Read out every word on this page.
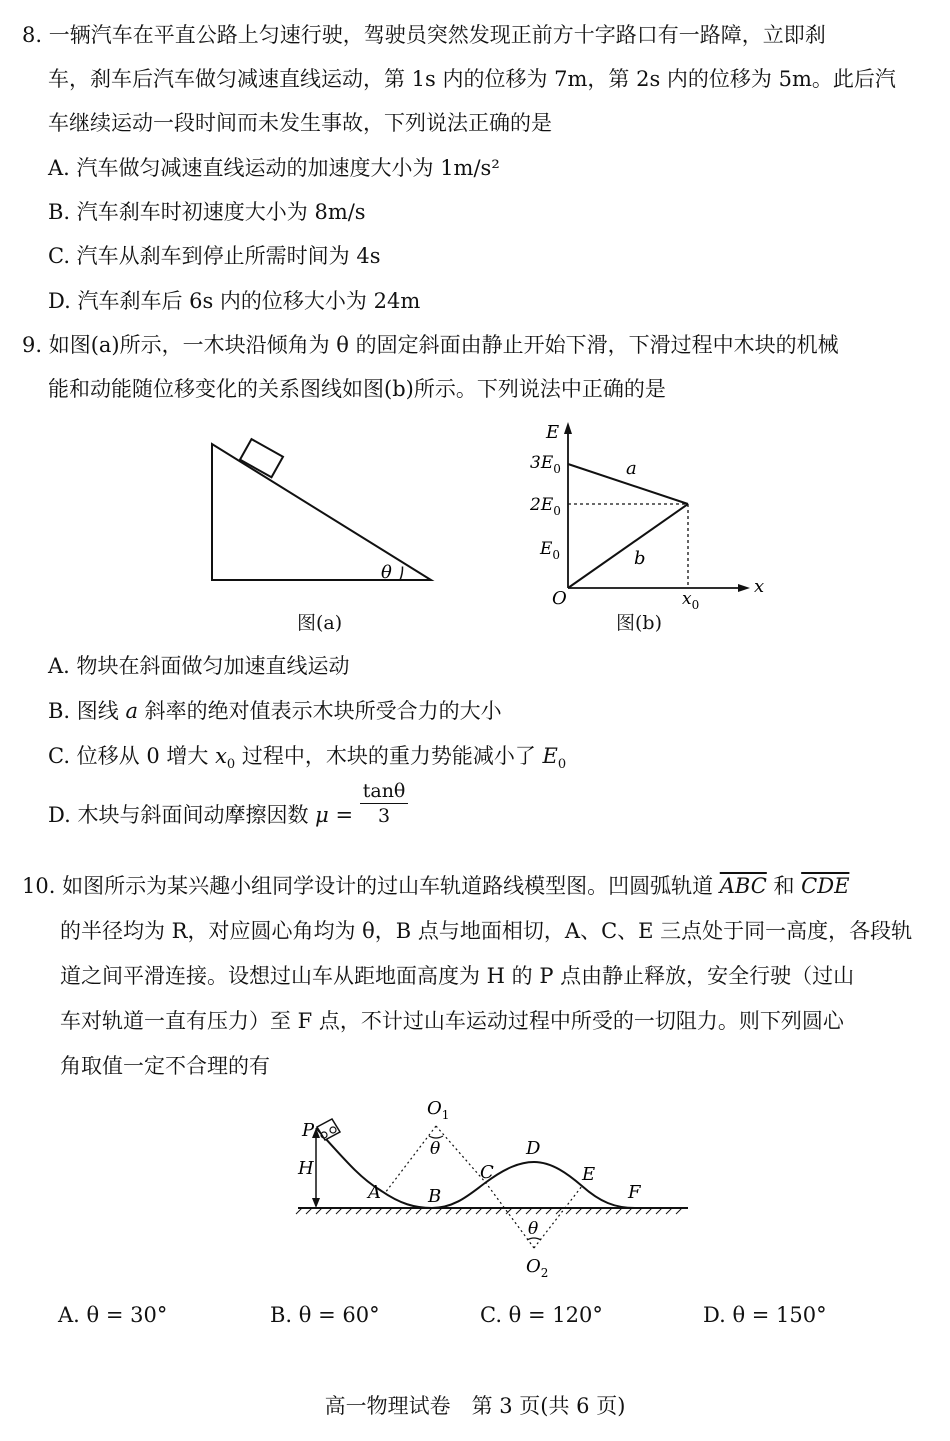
8. 一辆汽车在平直公路上匀速行驶，驾驶员突然发现正前方十字路口有一路障，立即刹
车，刹车后汽车做匀减速直线运动，第 1s 内的位移为 7m，第 2s 内的位移为 5m。此后汽
车继续运动一段时间而未发生事故，下列说法正确的是
A. 汽车做匀减速直线运动的加速度大小为 1m/s²
B. 汽车刹车时初速度大小为 8m/s
C. 汽车从刹车到停止所需时间为 4s
D. 汽车刹车后 6s 内的位移大小为 24m
9. 如图(a)所示，一木块沿倾角为 θ 的固定斜面由静止开始下滑，下滑过程中木块的机械
能和动能随位移变化的关系图线如图(b)所示。下列说法中正确的是
θ
图(a)
E
x
O
$3E_0$
$2E_0$
$E_0$
$x_0$
a
b
图(b)
A. 物块在斜面做匀加速直线运动
B. 图线 a 斜率的绝对值表示木块所受合力的大小
C. 位移从 0 增大 $x_0$ 过程中，木块的重力势能减小了 $E_0$
D. 木块与斜面间动摩擦因数 $\mu = \frac{\tan\theta}{3}$
10. 如图所示为某兴趣小组同学设计的过山车轨道路线模型图。凹圆弧轨道 $\overline{ABC}$ 和 $\overline{CDE}$
的半径均为 R，对应圆心角均为 θ，B 点与地面相切，A、C、E 三点处于同一高度，各段轨
道之间平滑连接。设想过山车从距地面高度为 H 的 P 点由静止释放，安全行驶（过山
车对轨道一直有压力）至 F 点，不计过山车运动过程中所受的一切阻力。则下列圆心
角取值一定不合理的有
P
H
A	B
C
D
E
F
$O_1$
θ
θ
$O_2$
A. θ = 30°	B. θ = 60°	C. θ = 120°	D. θ = 150°
高一物理试卷　第 3 页(共 6 页)
